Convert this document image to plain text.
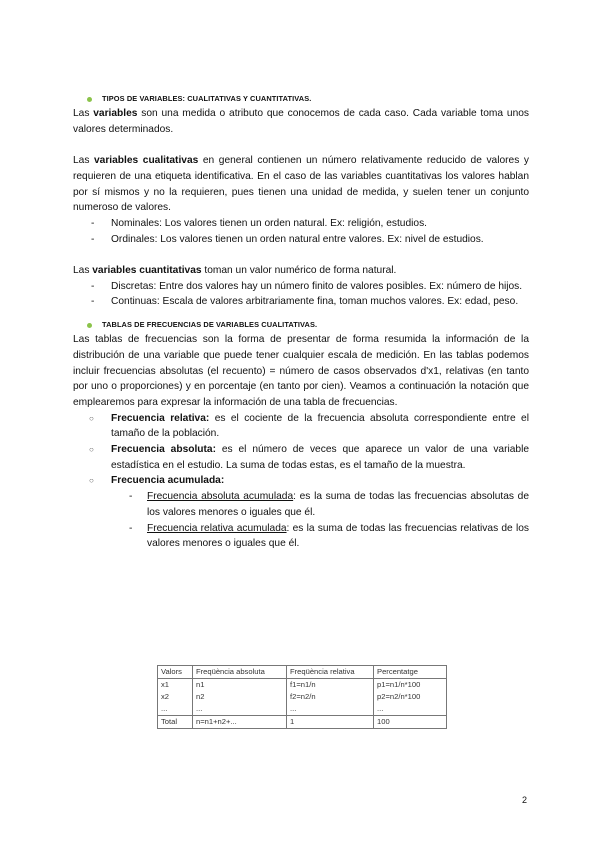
TIPOS DE VARIABLES: CUALITATIVAS Y CUANTITATIVAS.

Las variables son una medida o atributo que conocemos de cada caso. Cada variable toma unos valores determinados.

Las variables cualitativas en general contienen un número relativamente reducido de valores y requieren de una etiqueta identificativa. En el caso de las variables cuantitativas los valores hablan por sí mismos y no la requieren, pues tienen una unidad de medida, y suelen tener un conjunto numeroso de valores.

- Nominales: Los valores tienen un orden natural. Ex: religión, estudios.
- Ordinales: Los valores tienen un orden natural entre valores. Ex: nivel de estudios.

Las variables cuantitativas toman un valor numérico de forma natural.

- Discretas: Entre dos valores hay un número finito de valores posibles. Ex: número de hijos.
- Continuas: Escala de valores arbitrariamente fina, toman muchos valores. Ex: edad, peso.
TABLAS DE FRECUENCIAS DE VARIABLES CUALITATIVAS.

Las tablas de frecuencias son la forma de presentar de forma resumida la información de la distribución de una variable que puede tener cualquier escala de medición. En las tablas podemos incluir frecuencias absolutas (el recuento) = número de casos observados d'x1, relativas (en tanto por uno o proporciones) y en porcentaje (en tanto por cien). Veamos a continuación la notación que emplearemos para expresar la información de una tabla de frecuencias.

○ Frecuencia relativa: es el cociente de la frecuencia absoluta correspondiente entre el tamaño de la población.
○ Frecuencia absoluta: es el número de veces que aparece un valor de una variable estadística en el estudio. La suma de todas estas, es el tamaño de la muestra.
○ Frecuencia acumulada:
- Frecuencia absoluta acumulada: es la suma de todas las frecuencias absolutas de los valores menores o iguales que él.
- Frecuencia relativa acumulada: es la suma de todas las frecuencias relativas de los valores menores o iguales que él.
Valors	Freqüència absoluta	Freqüència relativa	Percentatge
x1	n1	f1=n1/n	p1=n1/n*100
x2	n2	f2=n2/n	p2=n2/n*100
...	...	...	...
Total	n=n1+n2+...	1	100
2
